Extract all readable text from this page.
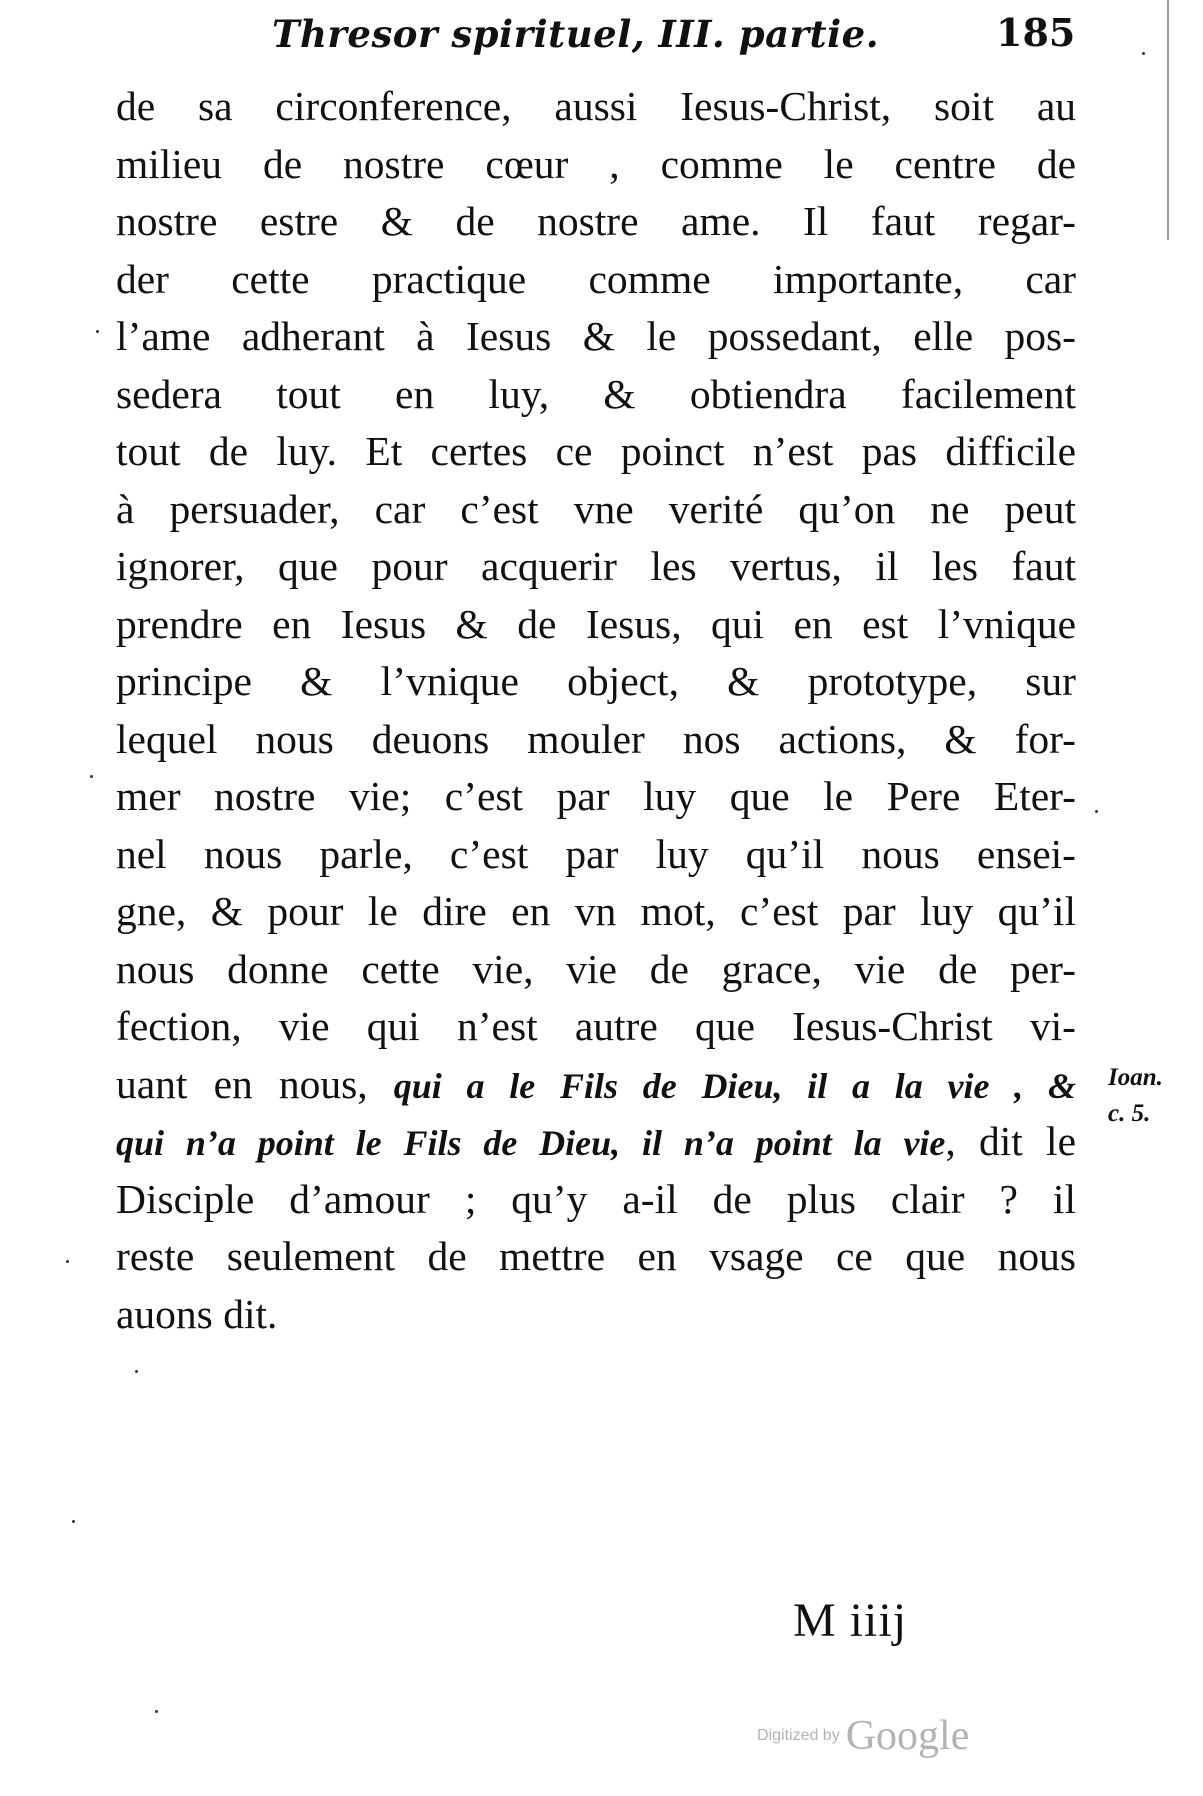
Thresor spirituel, III. partie.	185
de sa circonference, aussi Iesus-Christ, soit au
milieu de nostre cœur , comme le centre de
nostre estre & de nostre ame. Il faut regar-
der cette practique comme importante, car
l’ame adherant à Iesus & le possedant, elle pos-
sedera tout en luy, & obtiendra facilement
tout de luy. Et certes ce poinct n’est pas difficile
à persuader, car c’est vne verité qu’on ne peut
ignorer, que pour acquerir les vertus, il les faut
prendre en Iesus & de Iesus, qui en est l’vnique
principe & l’vnique object, & prototype, sur
lequel nous deuons mouler nos actions, & for-
mer nostre vie; c’est par luy que le Pere Eter-
nel nous parle, c’est par luy qu’il nous ensei-
gne, & pour le dire en vn mot, c’est par luy qu’il
nous donne cette vie, vie de grace, vie de per-
fection, vie qui n’est autre que Iesus-Christ vi-
uant en nous, qui a le Fils de Dieu, il a la vie , &
qui n’a point le Fils de Dieu, il n’a point la vie, dit le
Disciple d’amour ; qu’y a-il de plus clair ? il
reste seulement de mettre en vsage ce que nous
auons dit.
Ioan.
c. 5.
M iiij
Digitized by Google
